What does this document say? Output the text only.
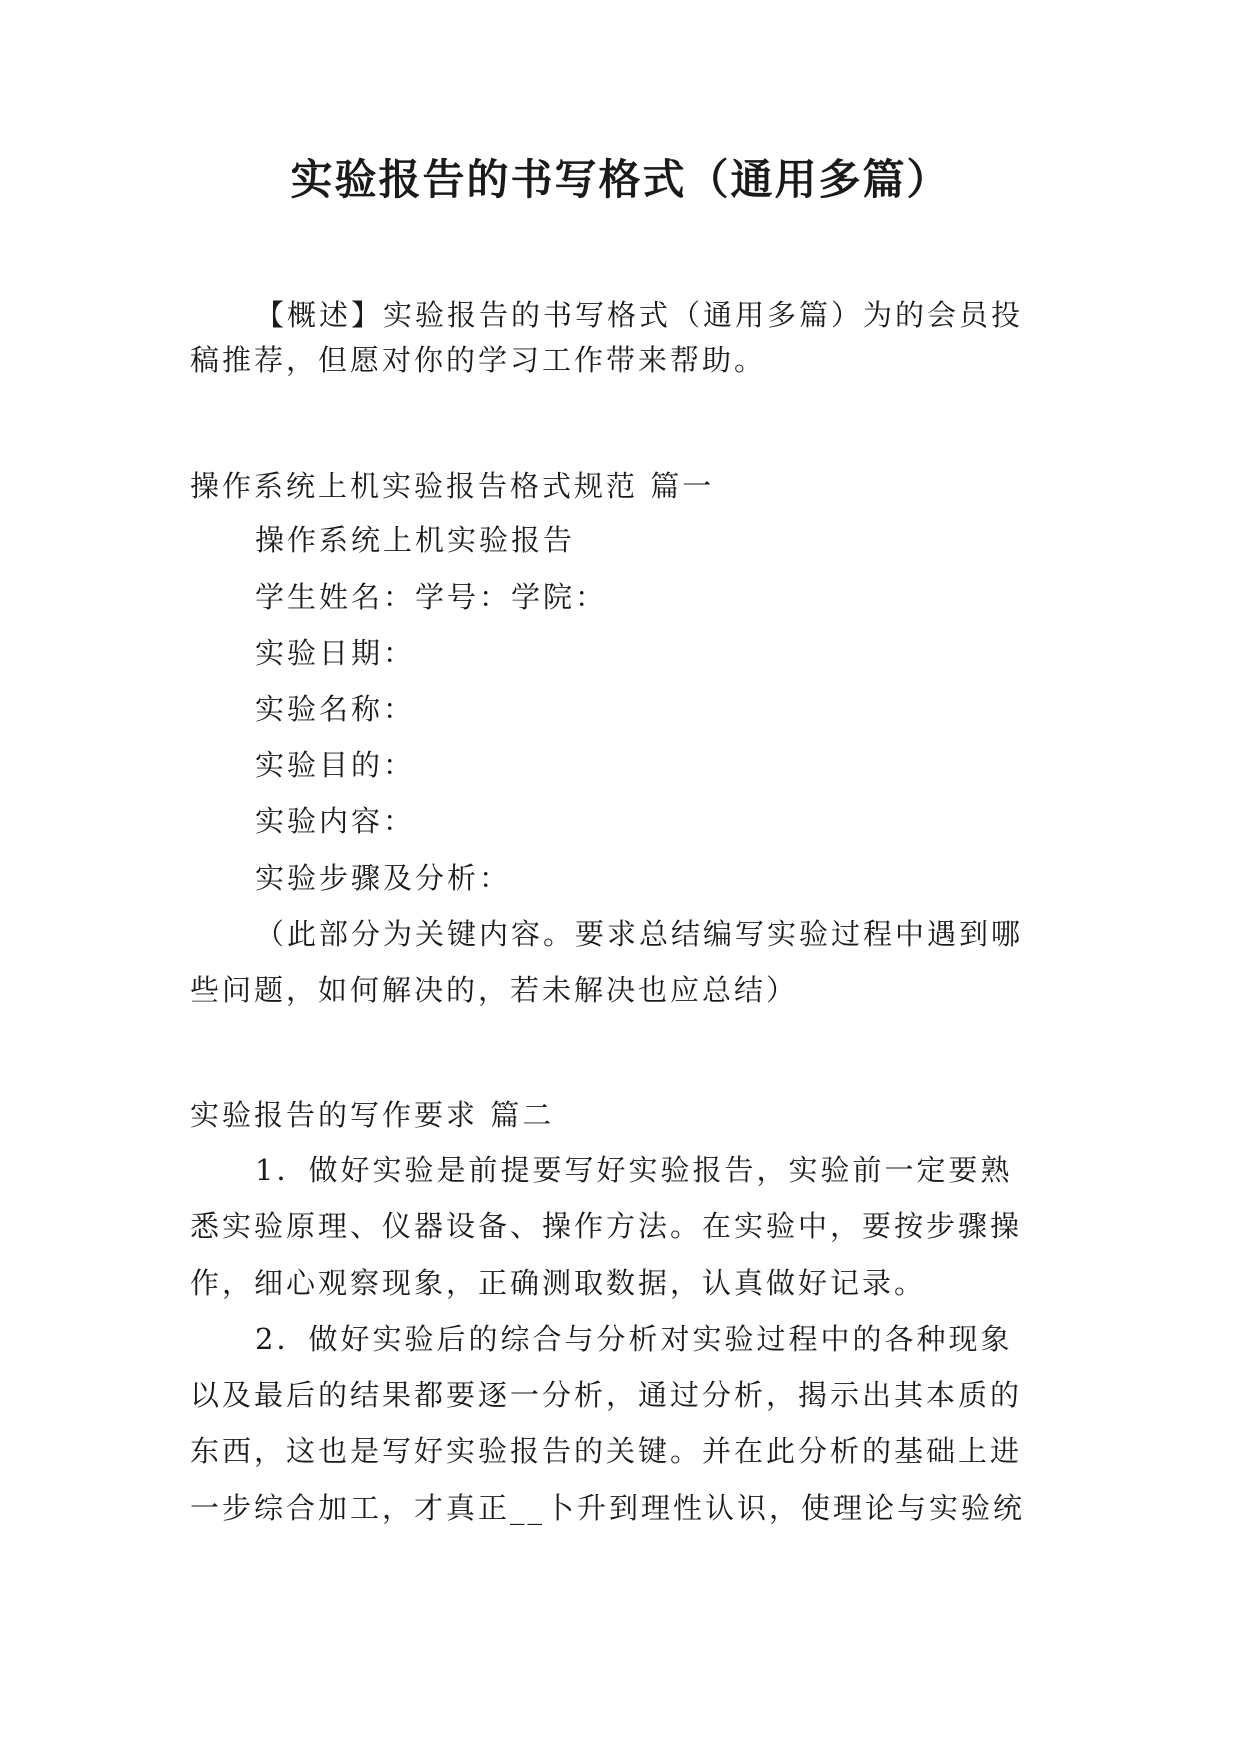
实验报告的书写格式（通用多篇）
【概述】实验报告的书写格式（通用多篇）为的会员投
稿推荐，但愿对你的学习工作带来帮助。
操作系统上机实验报告格式规范 篇一
操作系统上机实验报告
学生姓名：学号：学院：
实验日期：
实验名称：
实验目的：
实验内容：
实验步骤及分析：
（此部分为关键内容。要求总结编写实验过程中遇到哪
些问题，如何解决的，若未解决也应总结）
实验报告的写作要求 篇二
1．做好实验是前提要写好实验报告，实验前一定要熟
悉实验原理、仪器设备、操作方法。在实验中，要按步骤操
作，细心观察现象，正确测取数据，认真做好记录。
2．做好实验后的综合与分析对实验过程中的各种现象
以及最后的结果都要逐一分析，通过分析，揭示出其本质的
东西，这也是写好实验报告的关键。并在此分析的基础上进
一步综合加工，才真正__卜升到理性认识，使理论与实验统
